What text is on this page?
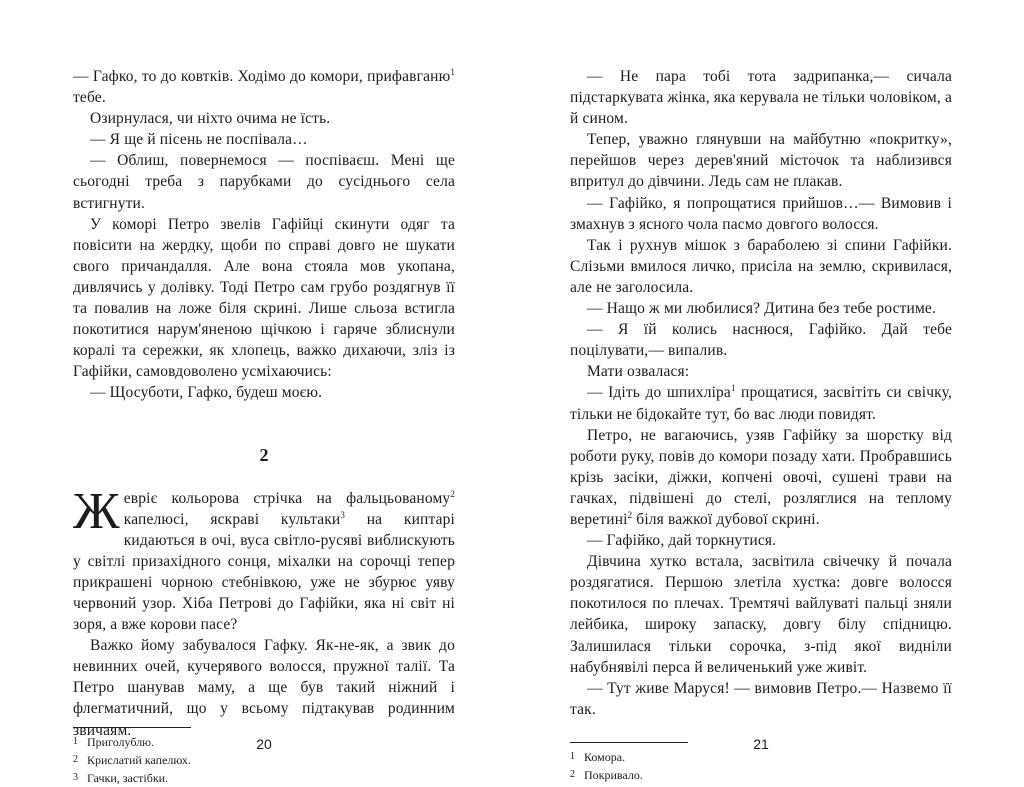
— Гафко, то до ковтків. Ходімо до комори, прифавганю$^1$ тебе.

Озирнулася, чи ніхто очима не їсть.

— Я ще й пісень не поспівала…

— Облиш, повернемося — поспіваєш. Мені ще сьогодні треба з парубками до сусіднього села встигнути.

У коморі Петро звелів Гафійці скинути одяг та повісити на жердку, щоби по справі довго не шукати свого причандалля. Але вона стояла мов укопана, дивлячись у долівку. Тоді Петро сам грубо роздягнув її та повалив на ложе біля скрині. Лише сльоза встигла покотитися нарум'яненою щічкою і гаряче зблиснули коралі та сережки, як хлопець, важко дихаючи, зліз із Гафійки, самовдоволено усміхаючись:

— Щосуботи, Гафко, будеш моєю.

2

Жевріє кольорова стрічка на фальцьованому$^2$ капелюсі, яскраві культаки$^3$ на киптарі кидаються в очі, вуса світло-русяві виблискують у світлі призахідного сонця, міхалки на сорочці тепер прикрашені чорною стебнівкою, уже не збурює уяву червоний узор. Хіба Петрові до Гафійки, яка ні світ ні зоря, а вже корови пасе?

Важко йому забувалося Гафку. Як-не-як, а звик до невинних очей, кучерявого волосся, пружної талії. Та Петро шанував маму, а ще був такий ніжний і флегматичний, що у всьому підтакував родинним звичаям.

1 Приголублю.
2 Крислатий капелюх.
3 Гачки, застібки.
20

— Не пара тобі тота задрипанка,— сичала підстаркувата жінка, яка керувала не тільки чоловіком, а й сином.

Тепер, уважно глянувши на майбутню «покритку», перейшов через дерев'яний місточок та наблизився впритул до дівчини. Ледь сам не плакав.

— Гафійко, я попрощатися прийшов…— Вимовив і змахнув з ясного чола пасмо довгого волосся.

Так і рухнув мішок з бараболею зі спини Гафійки. Слізьми вмилося личко, присіла на землю, скривилася, але не заголосила.

— Нащо ж ми любилися? Дитина без тебе ростиме.

— Я їй колись наснюся, Гафійко. Дай тебе поцілувати,— випалив.

Мати озвалася:

— Ідіть до шпихліра$^1$ прощатися, засвітіть си свічку, тільки не бідокайте тут, бо вас люди повидят.

Петро, не вагаючись, узяв Гафійку за шорстку від роботи руку, повів до комори позаду хати. Пробравшись крізь засіки, діжки, копчені овочі, сушені трави на гачках, підвішені до стелі, розляглися на теплому веретині$^2$ біля важкої дубової скрині.

— Гафійко, дай торкнутися.

Дівчина хутко встала, засвітила свічечку й почала роздягатися. Першою злетіла хустка: довге волосся покотилося по плечах. Тремтячі вайлуваті пальці зняли лейбика, широку запаску, довгу білу спідницю. Залишилася тільки сорочка, з-під якої видніли набубнявілі перса й величенький уже живіт.

— Тут живе Маруся! — вимовив Петро.— Назвемо її так.

1 Комора.
2 Покривало.
21
